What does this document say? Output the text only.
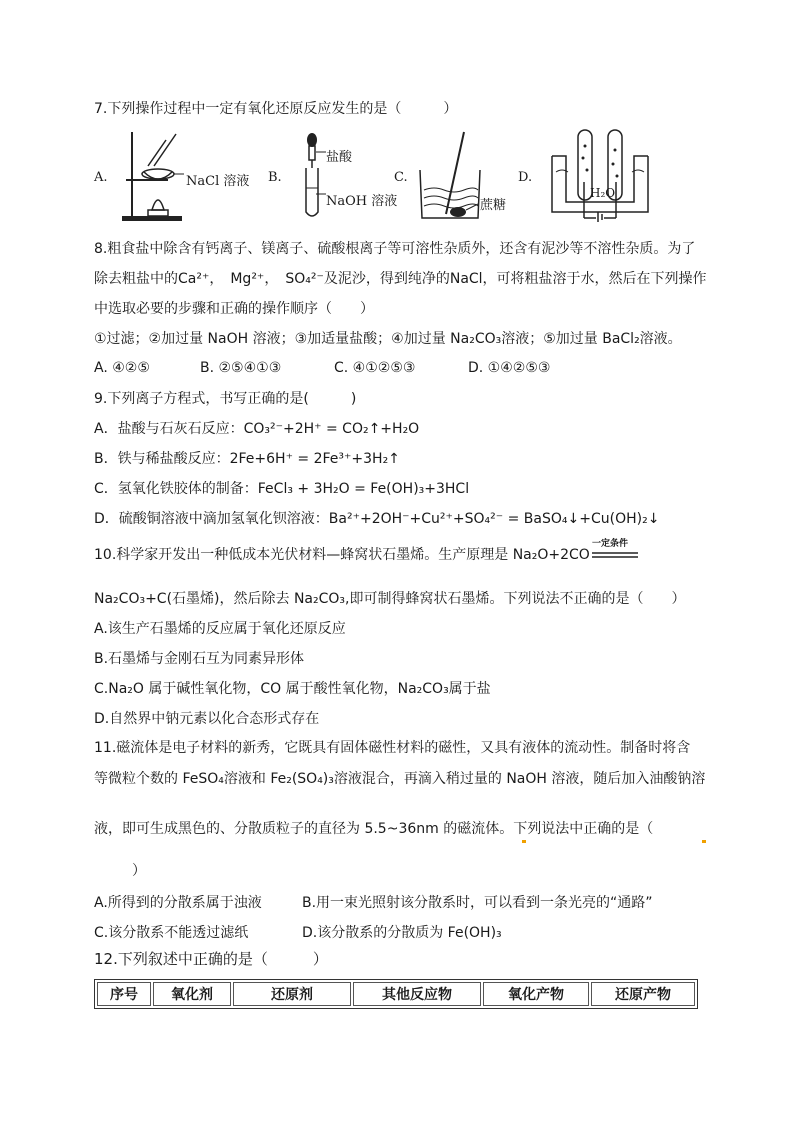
7.下列操作过程中一定有氧化还原反应发生的是（　　　）
A.	NaCl 溶液 B.
盐酸
NaOH 溶液
C.
蔗糖
D.
H₂O
8.粗食盐中除含有钙离子、镁离子、硫酸根离子等可溶性杂质外，还含有泥沙等不溶性杂质。为了
除去粗盐中的Ca²⁺，　Mg²⁺，　SO₄²⁻及泥沙，得到纯净的NaCl，可将粗盐溶于水，然后在下列操作
中选取必要的步骤和正确的操作顺序（　　）
①过滤；②加过量 NaOH 溶液；③加适量盐酸；④加过量 Na₂CO₃溶液；⑤加过量 BaCl₂溶液。
A. ④②⑤	B. ②⑤④①③	C. ④①②⑤③	D. ①④②⑤③
9.下列离子方程式，书写正确的是(　　　)
A．盐酸与石灰石反应：CO₃²⁻+2H⁺ = CO₂↑+H₂O
B．铁与稀盐酸反应：2Fe+6H⁺ = 2Fe³⁺+3H₂↑
C．氢氧化铁胶体的制备：FeCl₃ + 3H₂O = Fe(OH)₃+3HCl
D．硫酸铜溶液中滴加氢氧化钡溶液：Ba²⁺+2OH⁻+Cu²⁺+SO₄²⁻ = BaSO₄↓+Cu(OH)₂↓
10.科学家开发出一种低成本光伏材料—蜂窝状石墨烯。生产原理是 Na₂O+2CO
一定条件
Na₂CO₃+C(石墨烯)，然后除去 Na₂CO₃,即可制得蜂窝状石墨烯。下列说法不正确的是（　　）
A.该生产石墨烯的反应属于氧化还原反应
B.石墨烯与金刚石互为同素异形体
C.Na₂O 属于碱性氧化物，CO 属于酸性氧化物，Na₂CO₃属于盐
D.自然界中钠元素以化合态形式存在
11.磁流体是电子材料的新秀，它既具有固体磁性材料的磁性，又具有液体的流动性。制备时将含
等微粒个数的 FeSO₄溶液和 Fe₂(SO₄)₃溶液混合，再滴入稍过量的 NaOH 溶液，随后加入油酸钠溶
液，即可生成黑色的、分散质粒子的直径为 5.5~36nm 的磁流体。下列说法中正确的是（
）
A.所得到的分散系属于浊液	B.用一束光照射该分散系时，可以看到一条光亮的“通路”
C.该分散系不能透过滤纸	D.该分散系的分散质为 Fe(OH)₃
12.下列叙述中正确的是（　　　）
序号	氧化剂	还原剂	其他反应物	氧化产物	还原产物
